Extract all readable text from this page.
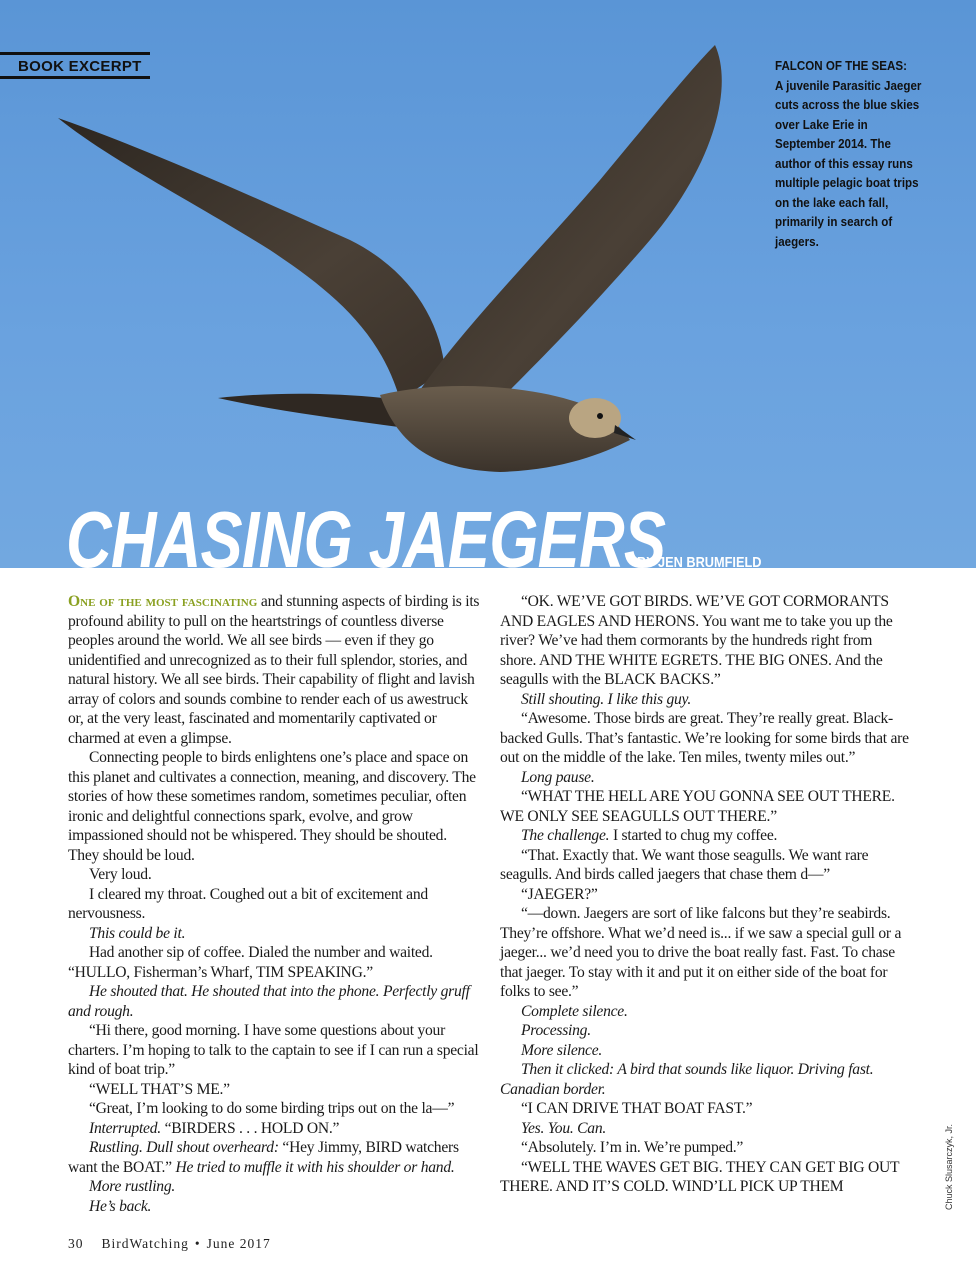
BOOK EXCERPT	FALCON OF THE SEAS:
A juvenile Parasitic Jaeger cuts across the blue skies over Lake Erie in September 2014. The author of this essay runs multiple pelagic boat trips on the lake each fall, primarily in search of jaegers.
CHASING JAEGERS
BY JEN BRUMFIELD

One of the most fascinating and stunning aspects of birding is its profound ability to pull on the heartstrings of countless diverse peoples around the world. We all see birds — even if they go unidentified and unrecognized as to their full splendor, stories, and natural history. We all see birds. Their capability of flight and lavish array of colors and sounds combine to render each of us awestruck or, at the very least, fascinated and momentarily captivated or charmed at even a glimpse.

Connecting people to birds enlightens one’s place and space on this planet and cultivates a connection, meaning, and discovery. The stories of how these sometimes random, sometimes peculiar, often ironic and delightful connections spark, evolve, and grow impassioned should not be whispered. They should be shouted. They should be loud.

Very loud.

I cleared my throat. Coughed out a bit of excitement and nervousness.

This could be it.

Had another sip of coffee. Dialed the number and waited. “HULLO, Fisherman’s Wharf, TIM SPEAKING.”

He shouted that. He shouted that into the phone. Perfectly gruff and rough.

“Hi there, good morning. I have some questions about your charters. I’m hoping to talk to the captain to see if I can run a special kind of boat trip.”

“WELL THAT’S ME.”

“Great, I’m looking to do some birding trips out on the la—”

Interrupted. “BIRDERS . . . HOLD ON.”

Rustling. Dull shout overheard: “Hey Jimmy, BIRD watchers want the BOAT.” He tried to muffle it with his shoulder or hand.

More rustling.

He’s back.

“OK. WE’VE GOT BIRDS. WE’VE GOT CORMORANTS AND EAGLES AND HERONS. You want me to take you up the river? We’ve had them cormorants by the hundreds right from shore. AND THE WHITE EGRETS. THE BIG ONES. And the seagulls with the BLACK BACKS.”

Still shouting. I like this guy.

“Awesome. Those birds are great. They’re really great. Black-backed Gulls. That’s fantastic. We’re looking for some birds that are out on the middle of the lake. Ten miles, twenty miles out.”

Long pause.

“WHAT THE HELL ARE YOU GONNA SEE OUT THERE. WE ONLY SEE SEAGULLS OUT THERE.”

The challenge. I started to chug my coffee.

“That. Exactly that. We want those seagulls. We want rare seagulls. And birds called jaegers that chase them d—”

“JAEGER?”

“—down. Jaegers are sort of like falcons but they’re seabirds. They’re offshore. What we’d need is... if we saw a special gull or a jaeger... we’d need you to drive the boat really fast. Fast. To chase that jaeger. To stay with it and put it on either side of the boat for folks to see.”

Complete silence.

Processing.

More silence.

Then it clicked: A bird that sounds like liquor. Driving fast. Canadian border.

“I CAN DRIVE THAT BOAT FAST.”

Yes. You. Can.

“Absolutely. I’m in. We’re pumped.”

“WELL THE WAVES GET BIG. THEY CAN GET BIG OUT THERE. AND IT’S COLD. WIND’LL PICK UP THEM

30 BirdWatching • June 2017
Chuck Slusarczyk, Jr.
